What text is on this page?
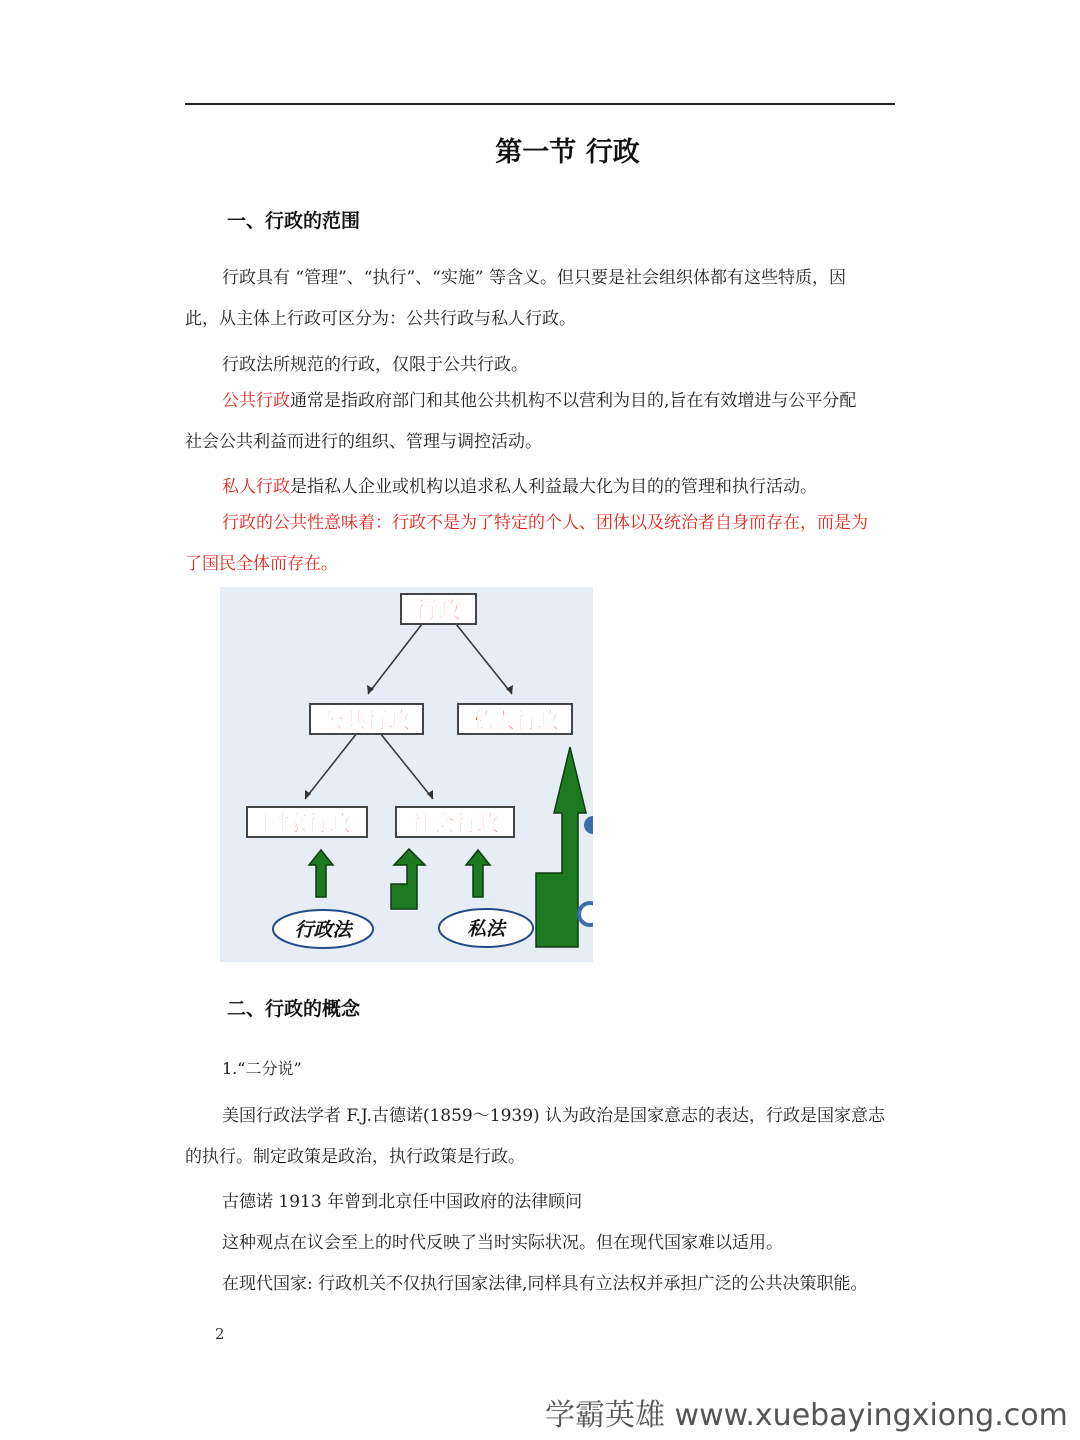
第一节 行政
一、行政的范围
行政具有 “管理”、“执行”、“实施” 等含义。但只要是社会组织体都有这些特质，因
此，从主体上行政可区分为：公共行政与私人行政。
行政法所规范的行政，仅限于公共行政。
公共行政通常是指政府部门和其他公共机构不以营利为目的,旨在有效增进与公平分配
社会公共利益而进行的组织、管理与调控活动。
私人行政是指私人企业或机构以追求私人利益最大化为目的的管理和执行活动。
行政的公共性意味着：行政不是为了特定的个人、团体以及统治者自身而存在，而是为
了国民全体而存在。
行政
公共行政	私人行政
国家行政	社会行政
行政法	私法
二、行政的概念
1.“二分说”
美国行政法学者 F.J.古德诺(1859～1939) 认为政治是国家意志的表达，行政是国家意志
的执行。制定政策是政治，执行政策是行政。
古德诺 1913 年曾到北京任中国政府的法律顾问
这种观点在议会至上的时代反映了当时实际状况。但在现代国家难以适用。
在现代国家: 行政机关不仅执行国家法律,同样具有立法权并承担广泛的公共决策职能。
2
学霸英雄 www.xuebayingxiong.com
